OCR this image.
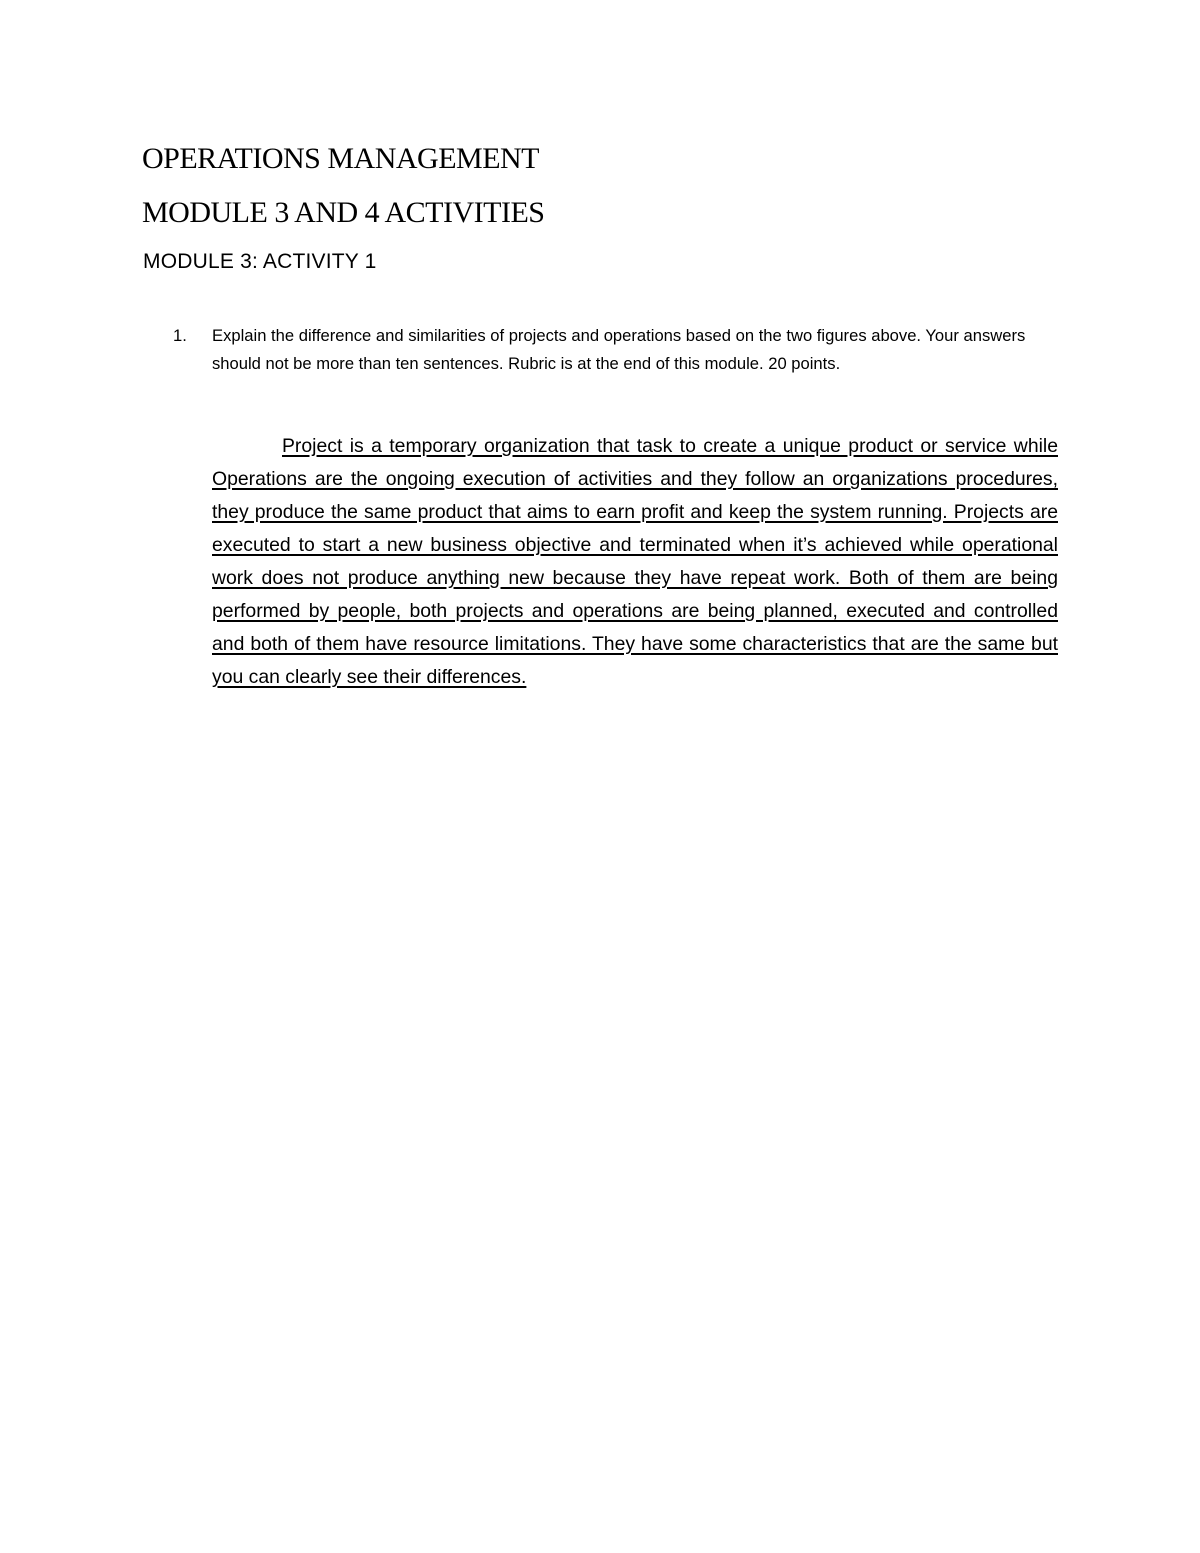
OPERATIONS MANAGEMENT
MODULE 3 AND 4 ACTIVITIES
MODULE 3: ACTIVITY 1
1. Explain the difference and similarities of projects and operations based on the two figures above. Your answers should not be more than ten sentences. Rubric is at the end of this module. 20 points.

Project is a temporary organization that task to create a unique product or service while Operations are the ongoing execution of activities and they follow an organizations procedures, they produce the same product that aims to earn profit and keep the system running. Projects are executed to start a new business objective and terminated when it’s achieved while operational work does not produce anything new because they have repeat work. Both of them are being performed by people, both projects and operations are being planned, executed and controlled and both of them have resource limitations. They have some characteristics that are the same but you can clearly see their differences.
